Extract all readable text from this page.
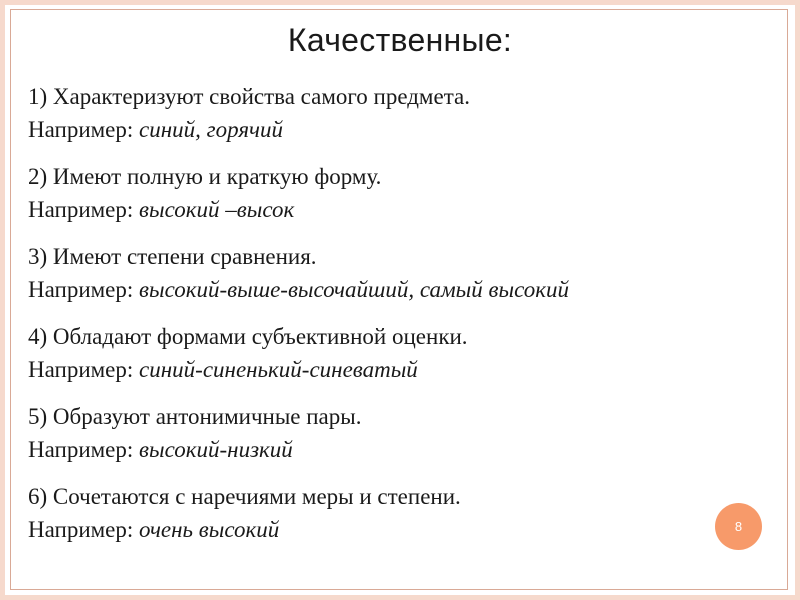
Качественные:
1) Характеризуют свойства самого предмета.
Например: синий, горячий
2) Имеют полную и краткую форму.
Например: высокий –высок
3) Имеют степени сравнения.
Например: высокий-выше-высочайший, самый высокий
4) Обладают формами субъективной оценки.
Например: синий-синенький-синеватый
5) Образуют антонимичные пары.
Например: высокий-низкий
6) Сочетаются с наречиями меры и степени.
Например: очень высокий	8
